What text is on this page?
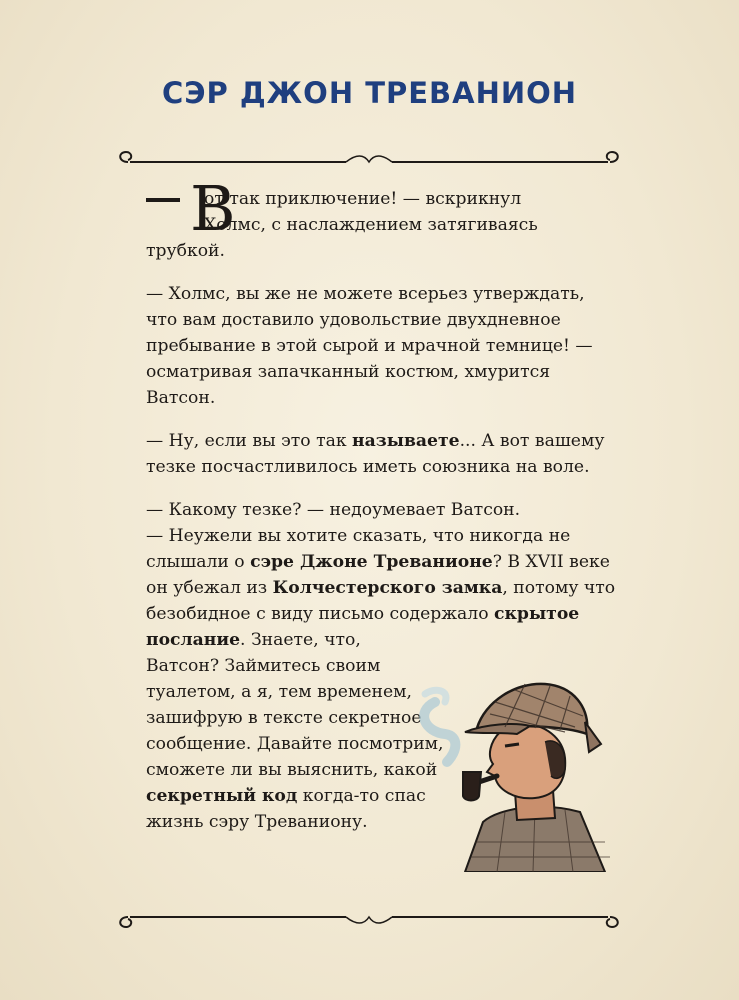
СЭР ДЖОН ТРЕВАНИОН
В

от так приключение! — вскрикнул
Холмс, с наслаждением затягиваясь
трубкой.

— Холмс, вы же не можете всерьез утверждать, что вам доставило удовольствие двухдневное пребывание в этой сырой и мрачной темнице! — осматривая запачканный костюм, хмурится Ватсон.

— Ну, если вы это так называете... А вот вашему тезке посчастливилось иметь союзника на воле.

— Какому тезке? — недоумевает Ватсон.
— Неужели вы хотите сказать, что никогда не слышали о сэре Джоне Треванионе? В XVII веке он убежал из Колчестерского замка, потому что безобидное с виду письмо содержало скрытое послание. Знаете, что,
Ватсон? Займитесь своим туалетом, а я, тем временем, зашифрую в тексте секретное сообщение. Давайте посмотрим, сможете ли вы выяснить, какой секретный код когда-то спас жизнь сэру Треваниону.
